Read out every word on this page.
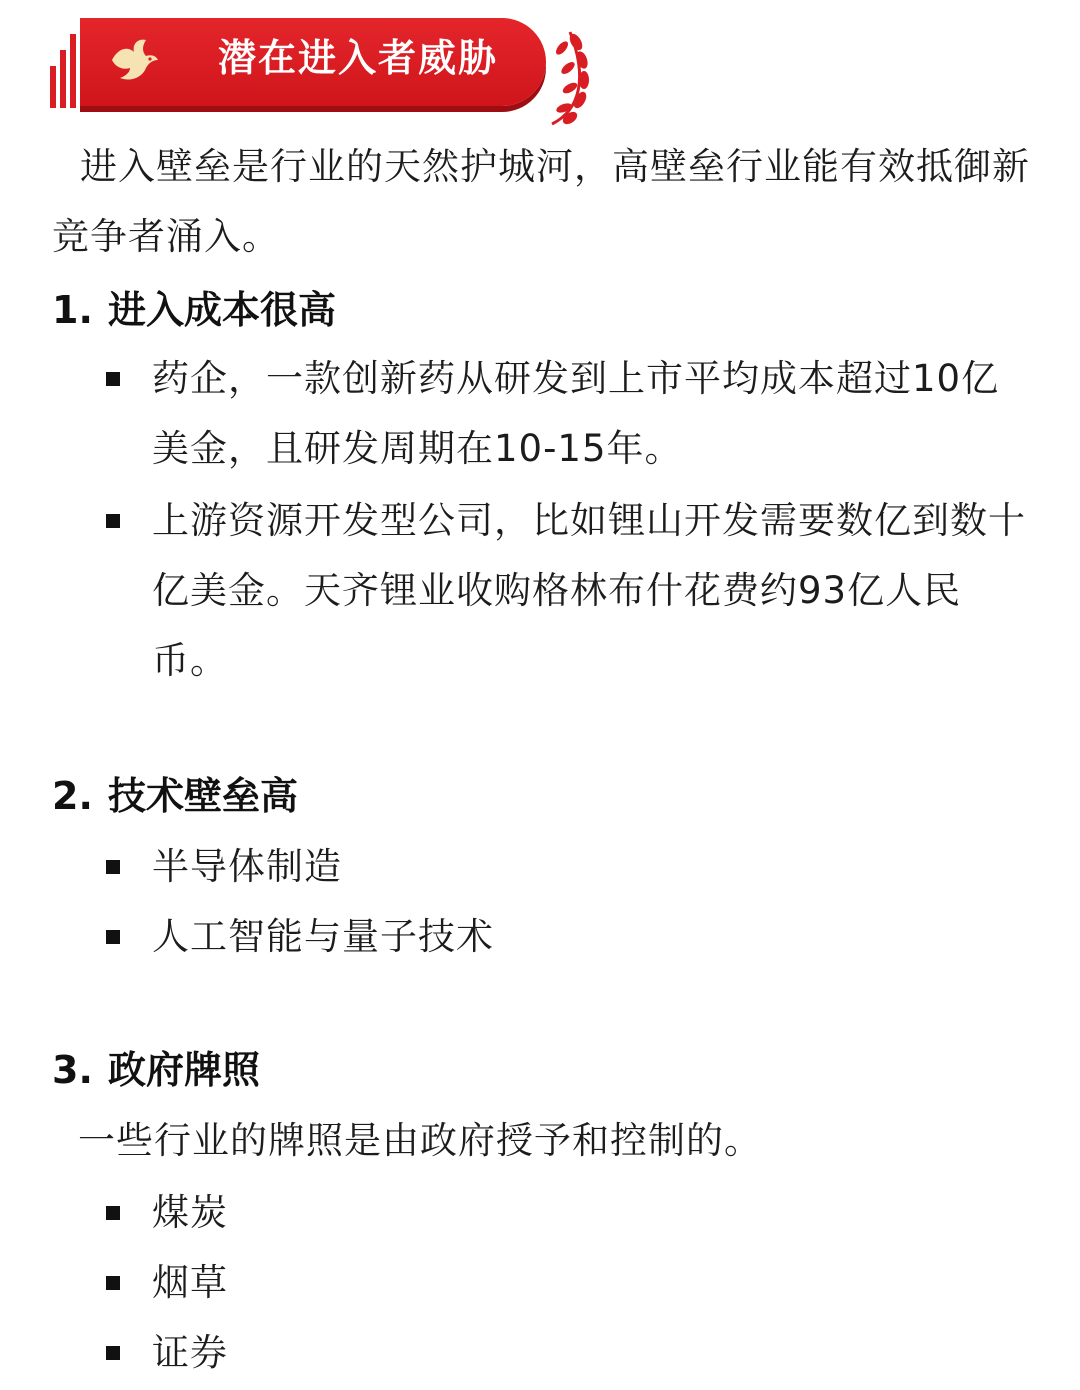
潜在进入者威胁
进入壁垒是行业的天然护城河，高壁垒行业能有效抵御新竞争者涌入。
1. 进入成本很高
药企，一款创新药从研发到上市平均成本超过10亿美金，且研发周期在10-15年。
上游资源开发型公司，比如锂山开发需要数亿到数十亿美金。天齐锂业收购格林布什花费约93亿人民币。
2. 技术壁垒高
半导体制造
人工智能与量子技术
3. 政府牌照
一些行业的牌照是由政府授予和控制的。
煤炭
烟草
证券
